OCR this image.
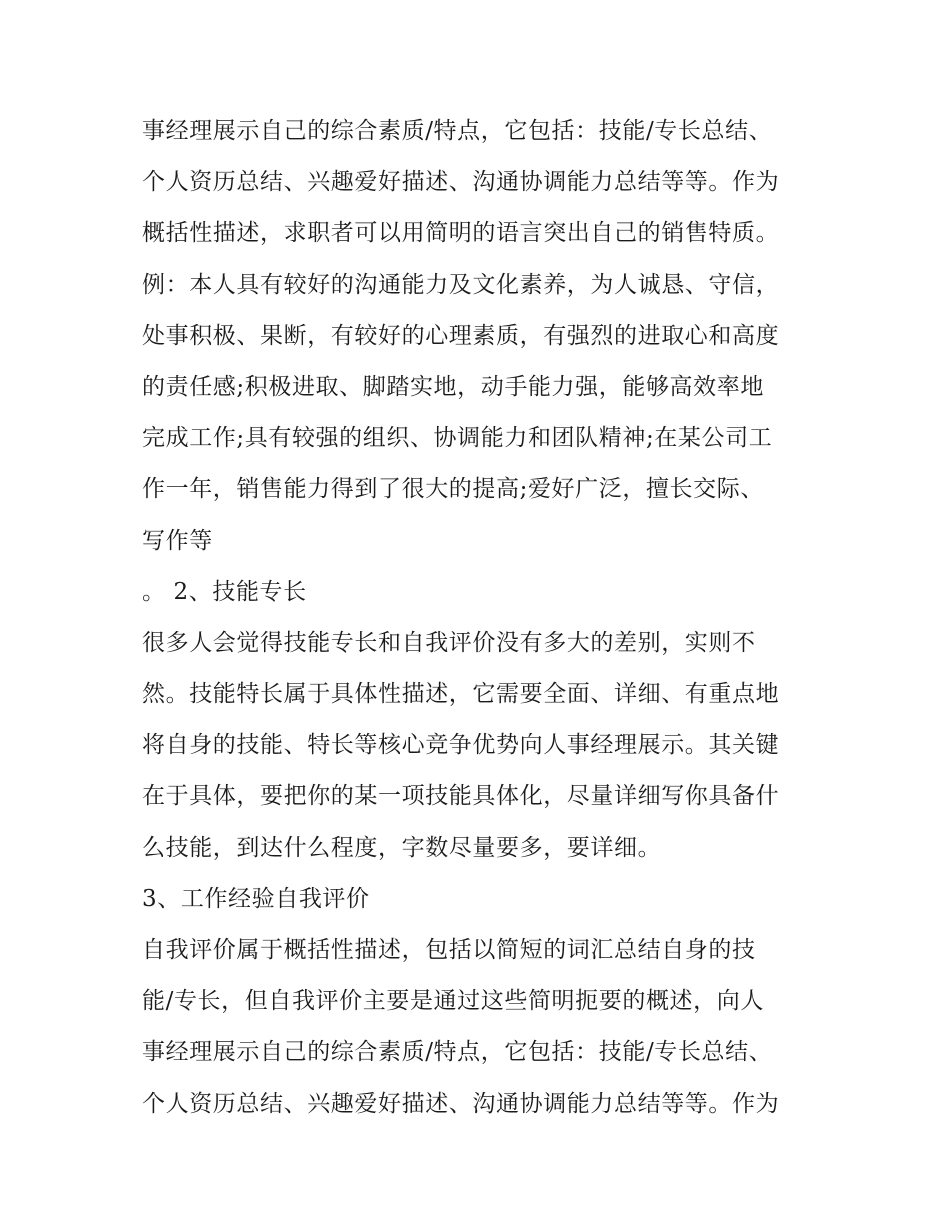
事经理展示自己的综合素质/特点，它包括：技能/专长总结、
个人资历总结、兴趣爱好描述、沟通协调能力总结等等。作为
概括性描述，求职者可以用简明的语言突出自己的销售特质。
例：本人具有较好的沟通能力及文化素养，为人诚恳、守信，
处事积极、果断，有较好的心理素质，有强烈的进取心和高度
的责任感;积极进取、脚踏实地，动手能力强，能够高效率地
完成工作;具有较强的组织、协调能力和团队精神;在某公司工
作一年，销售能力得到了很大的提高;爱好广泛，擅长交际、
写作等
。 2、技能专长
很多人会觉得技能专长和自我评价没有多大的差别，实则不
然。技能特长属于具体性描述，它需要全面、详细、有重点地
将自身的技能、特长等核心竞争优势向人事经理展示。其关键
在于具体，要把你的某一项技能具体化，尽量详细写你具备什
么技能，到达什么程度，字数尽量要多，要详细。
3、工作经验自我评价
自我评价属于概括性描述，包括以简短的词汇总结自身的技
能/专长，但自我评价主要是通过这些简明扼要的概述，向人
事经理展示自己的综合素质/特点，它包括：技能/专长总结、
个人资历总结、兴趣爱好描述、沟通协调能力总结等等。作为
